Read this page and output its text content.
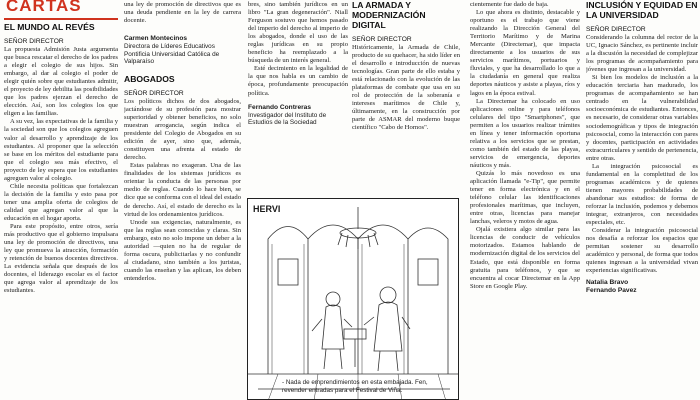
CARTAS
EL MUNDO AL REVÉS
SEÑOR DIRECTOR
La propuesta Admisión Justa argumenta que busca rescatar el derecho de los padres a elegir el colegio de sus hijos. Sin embargo, al dar al colegio el poder de elegir quién sobre que estudiantes admitir, el proyecto de ley debilita las posibilidades que los padres ejerzan el derecho de elección. Así, son los colegios los que eligen a las familias.
A su vez, las expectativas de la familia y la sociedad son que los colegios agreguen valor al desarrollo y aprendizaje de los estudiantes. Al proponer que la selección se base en los méritos del estudiante para que el colegio sea más efectivo, el proyecto de ley espera que los estudiantes agreguen valor al colegio.
Chile necesita políticas que fortalezcan la decisión de la familia y esto pasa por tener una amplia oferta de colegios de calidad que agregan valor al que la educación en el hogar aporta.
Para este propósito, entre otros, sería más productivo que el gobierno impulsara una ley de promoción de directivos, una ley que promueva la atracción, formación y retención de buenos docentes directivos. La evidencia señala que después de los docentes, el liderazgo escolar es el factor que agrega valor al aprendizaje de los estudiantes.
una ley de promoción de directivos que es una deuda pendiente en la ley de carrera docente.
Carmen Montecinos
Directora de Líderes Educativos Pontificia Universidad Católica de Valparaíso
ABOGADOS
SEÑOR DIRECTOR
Los políticos dichos de dos abogados, jactándose de su profesión para mostrar superioridad y obtener beneficios, no solo muestran arrogancia, según indica el presidente del Colegio de Abogados en su edición de ayer, sino que, además, constituyen una afrenta al estado de derecho.
Estas palabras no exageran. Una de las finalidades de los sistemas jurídicos es orientar la conducta de las personas por medio de reglas. Cuando lo hace bien, se dice que se conforma con el ideal del estado de derecho. Así, el estado de derecho es la virtud de los ordenamientos jurídicos.
Unode sus exigencias, naturalmente, es que las reglas sean conocidas y claras. Sin embargo, esto no solo impone un deber a la autoridad —quien no ha de regular de forma oscura, publicitarlas y no confundir al ciudadano, sino también a los juristas, cuando las enseñan y las aplican, los deben entenderlos.
bres, sino también jurídicos en un libro "La gran degeneración". Niall Ferguson sostuvo que hemos pasado del imperio del derecho al imperio de los abogados, donde el uso de las reglas jurídicas en su propio beneficio ha reemplazado a la búsqueda de un interés general.
Esté decimiento en la legalidad de la que nos habla es un cambio de época, profundamente preocupación política.
Fernando Contreras
Investigador del Instituto de Estudios de la Sociedad
LA ARMADA Y MODERNIZACIÓN DIGITAL
SEÑOR DIRECTOR
Históricamente, la Armada de Chile, producto de su quehacer, ha sido líder en el desarrollo e introducción de nuevas tecnologías. Gran parte de ello estaba y está relacionado con la evolución de las plataformas de combate que usa en su rol de protección de la soberanía e intereses marítimos de Chile y, últimamente, en la construcción por parte de ASMAR del moderno buque científico "Cabo de Hornos".
HERVI
- Nada de emprendimientos en esta embajada. Fen, revender entradas para el Festival de Viña.
cientemente fue dado de baja.
Lo que ahora es distinto, destacable y oportuno es el trabajo que viene realizando la Dirección General del Territorio Marítimo y de Marina Mercante (Directemar), que impacta directamente a los usuarios de sus servicios marítimos, portuarios y fluviales, y que ha desarrollado lo que a la ciudadanía en general que realiza deportes náuticos y asiste a playas, ríos y lagos en la época estival.
La Directemar ha colocado en uso aplicaciones online y para teléfonos celulares del tipo "Smartphones", que permiten a los usuarios realizar trámites en línea y tener información oportuna relativa a los servicios que se prestan, como también del estado de las playas, servicios de emergencia, deportes náuticos y más.
Quizás lo más novedoso es una aplicación llamada "e-Tip", que permite tener en forma electrónica y en el teléfono celular las identificaciones profesionales marítimas, que incluyen, entre otras, licencias para manejar lanchas, veleros y motos de agua.
Ojalá existiera algo similar para las licencias de conducir de vehículos motorizados. Estamos hablando de modernización digital de los servicios del Estado, que está disponible en forma gratuita para teléfonos, y que se encuentra al cocar Directemar en la App Store en Google Play.
INCLUSIÓN Y EQUIDAD EN LA UNIVERSIDAD
SEÑOR DIRECTOR
Considerando la columna del rector de la UC, Ignacio Sánchez, es pertinente incluir a la discusión la necesidad de complejizar los programas de acompañamiento para jóvenes que ingresan a la universidad.
Si bien los modelos de inclusión a la educación terciaria han madurado, los programas de acompañamiento se han centrado en la vulnerabilidad socioeconómica de estudiantes. Entonces, es necesario, de considerar otras variables sociodemográficas y tipos de integración psicosocial, como la interacción con pares y docentes, participación en actividades extracurriculares y sentido de pertenencia, entre otras.
La integración psicosocial es fundamental en la completitud de los programas académicos y de quienes tienen mayores probabilidades de abandonar sus estudios: de forma de reforzar la inclusión, podemos y debemos integrar, extranjeros, con necesidades especiales, etc.
Considerar la integración psicosocial nos desafía a reforzar los espacios que permitan sostener su desarrollo académico y personal, de forma que todos quienes ingresan a la universidad vivan experiencias significativas.
Natalia Bravo
Fernando Pavez
